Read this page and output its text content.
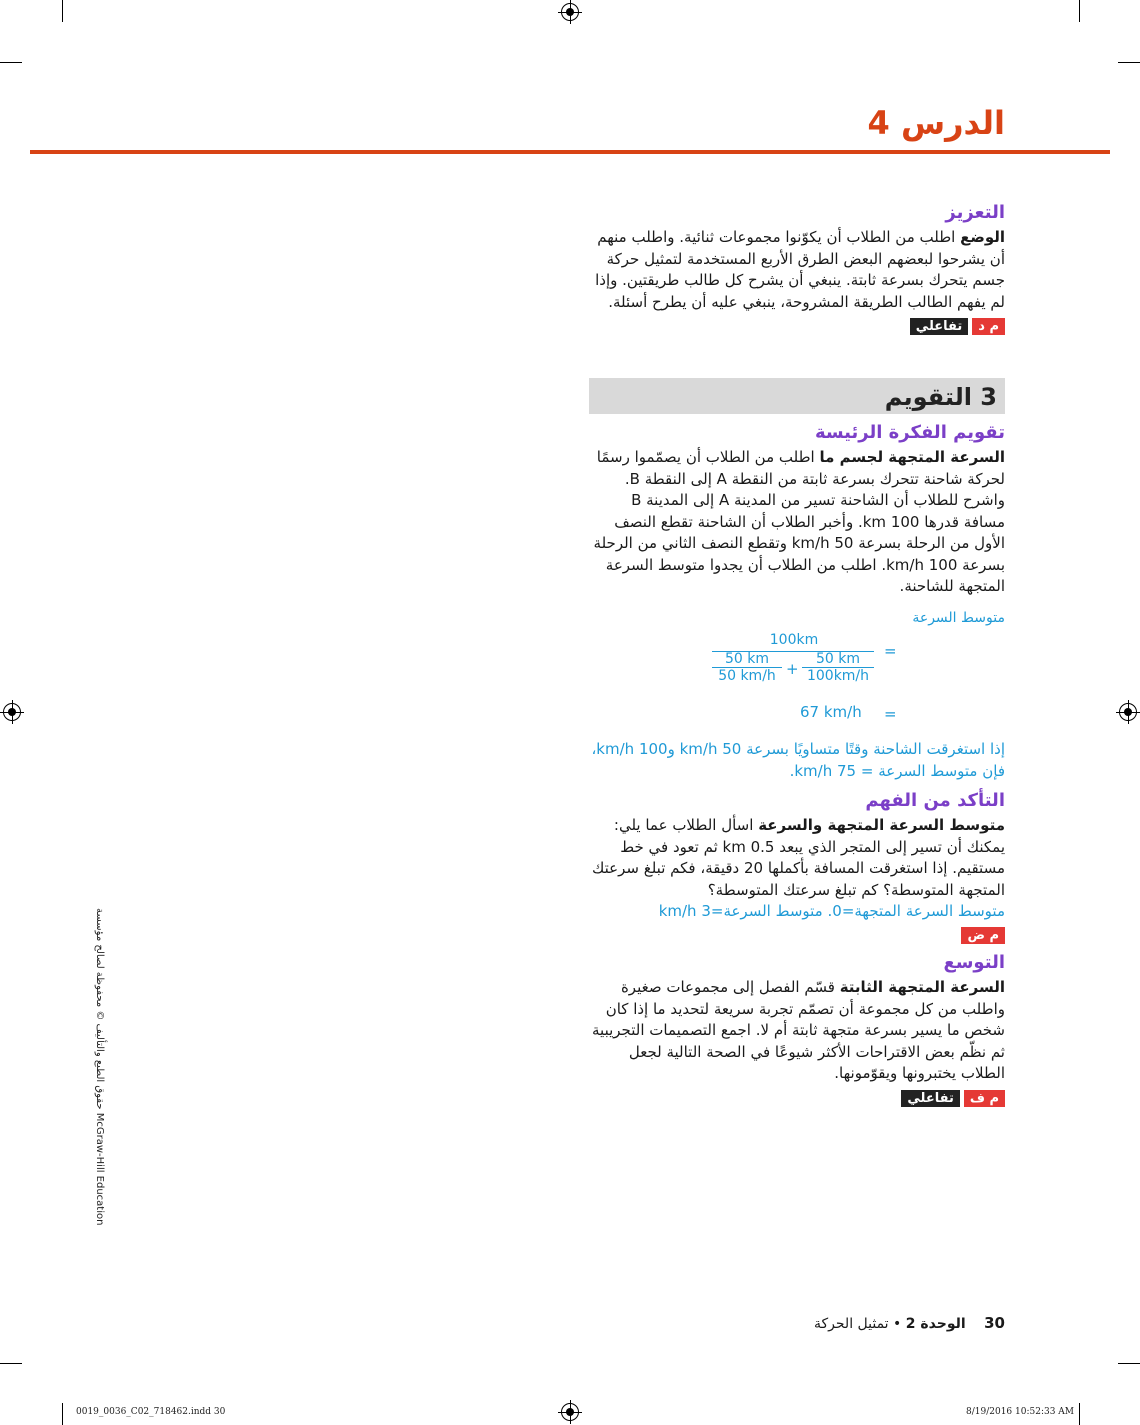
الدرس 4
التعزيز
الوضع اطلب من الطلاب أن يكوّنوا مجموعات ثنائية. واطلب منهم أن يشرحوا لبعضهم البعض الطرق الأربع المستخدمة لتمثيل حركة جسم يتحرك بسرعة ثابتة. ينبغي أن يشرح كل طالب طريقتين. وإذا لم يفهم الطالب الطريقة المشروحة، ينبغي عليه أن يطرح أسئلة.
م د
تفاعلي
3 التقويم
تقويم الفكرة الرئيسة
السرعة المتجهة لجسم ما اطلب من الطلاب أن يصمّموا رسمًا لحركة شاحنة تتحرك بسرعة ثابتة من النقطة A إلى النقطة B. واشرح للطلاب أن الشاحنة تسير من المدينة A إلى المدينة B مسافة قدرها 100 km. وأخبر الطلاب أن الشاحنة تقطع النصف الأول من الرحلة بسرعة 50 km/h وتقطع النصف الثاني من الرحلة بسرعة 100 km/h. اطلب من الطلاب أن يجدوا متوسط السرعة المتجهة للشاحنة.
متوسط السرعة
=
100km
$\frac{50 km}{50 km/h} + \frac{50 km}{100km/h}$
=
67 km/h
إذا استغرقت الشاحنة وقتًا متساويًا بسرعة 50 km/h و100 km/h، فإن متوسط السرعة = 75 km/h.
التأكد من الفهم
متوسط السرعة المتجهة والسرعة اسأل الطلاب عما يلي: يمكنك أن تسير إلى المتجر الذي يبعد 0.5 km ثم تعود في خط مستقيم. إذا استغرقت المسافة بأكملها 20 دقيقة، فكم تبلغ سرعتك المتجهة المتوسطة؟ كم تبلغ سرعتك المتوسطة؟
متوسط السرعة المتجهة=0. متوسط السرعة=3 km/h
م ض
التوسع
السرعة المتجهة الثابتة قسّم الفصل إلى مجموعات صغيرة واطلب من كل مجموعة أن تصمّم تجربة سريعة لتحديد ما إذا كان شخص ما يسير بسرعة متجهة ثابتة أم لا. اجمع التصميمات التجريبية ثم نظّم بعض الاقتراحات الأكثر شيوعًا في الصحة التالية لجعل الطلاب يختبرونها ويقوّمونها.
م ف
تفاعلي
حقوق الطبع والتأليف © محفوظة لصالح مؤسسة McGraw-Hill Education
30 الوحدة 2 • تمثيل الحركة
0019_0036_C02_718462.indd 30	8/19/2016 10:52:33 AM
